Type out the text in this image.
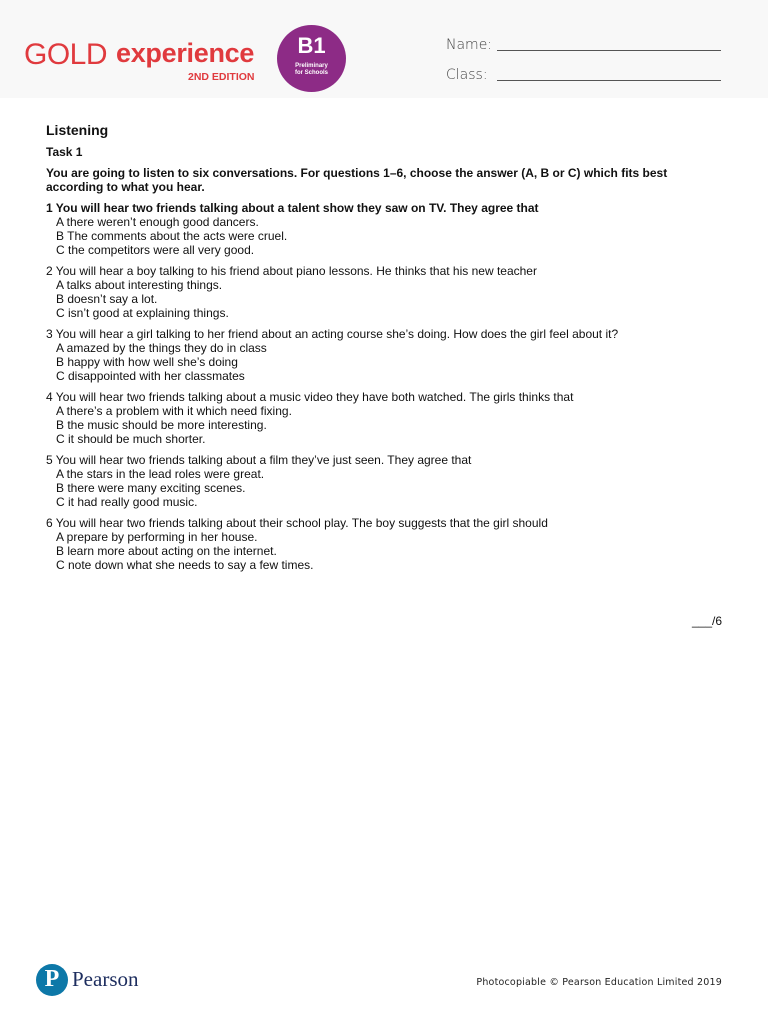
GOLD experience
2ND EDITION
B1
Preliminary
for Schools
Name:
Class:

Listening

Task 1

You are going to listen to six conversations. For questions 1–6, choose the answer (A, B or C) which fits best according to what you hear.

1 You will hear two friends talking about a talent show they saw on TV. They agree that

A there weren’t enough good dancers.

B The comments about the acts were cruel.

C the competitors were all very good.

2 You will hear a boy talking to his friend about piano lessons. He thinks that his new teacher

A talks about interesting things.

B doesn’t say a lot.

C isn’t good at explaining things.

3 You will hear a girl talking to her friend about an acting course she’s doing. How does the girl feel about it?

A amazed by the things they do in class

B happy with how well she’s doing

C disappointed with her classmates

4 You will hear two friends talking about a music video they have both watched. The girls thinks that

A there’s a problem with it which need fixing.

B the music should be more interesting.

C it should be much shorter.

5 You will hear two friends talking about a film they’ve just seen. They agree that

A the stars in the lead roles were great.

B there were many exciting scenes.

C it had really good music.

6 You will hear two friends talking about their school play. The boy suggests that the girl should

A prepare by performing in her house.

B learn more about acting on the internet.

C note down what she needs to say a few times.

___/6
P Pearson	Photocopiable © Pearson Education Limited 2019
